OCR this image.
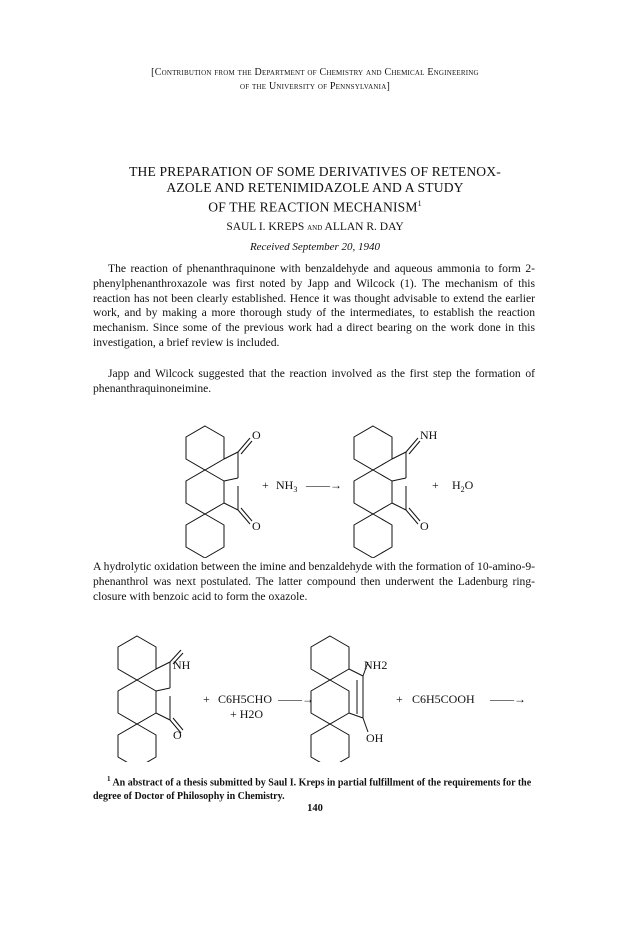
[Contribution from the Department of Chemistry and Chemical Engineering
of the University of Pennsylvania]
THE PREPARATION OF SOME DERIVATIVES OF RETENOX-
AZOLE AND RETENIMIDAZOLE AND A STUDY
OF THE REACTION MECHANISM$^1$
SAUL I. KREPS and ALLAN R. DAY
Received September 20, 1940
The reaction of phenanthraquinone with benzaldehyde and aqueous ammonia to form 2-phenylphenanthroxazole was first noted by Japp and Wilcock (1). The mechanism of this reaction has not been clearly established. Hence it was thought advisable to extend the earlier work, and by making a more thorough study of the intermediates, to establish the reaction mechanism. Since some of the previous work had a direct bearing on the work done in this investigation, a brief review is included.
Japp and Wilcock suggested that the reaction involved as the first step the formation of phenanthraquinoneimine.
O
O
+ $NH_3$ ——→
NH
O
+ $H_2O$
A hydrolytic oxidation between the imine and benzaldehyde with the formation of 10-amino-9-phenanthrol was next postulated. The latter compound then underwent the Ladenburg ring-closure with benzoic acid to form the oxazole.
NH
O
+ C6H5CHO
+ H2O
——→
NH2
OH
+ C6H5COOH ——→
$^1$ An abstract of a thesis submitted by Saul I. Kreps in partial fulfillment of the requirements for the degree of Doctor of Philosophy in Chemistry.
140
